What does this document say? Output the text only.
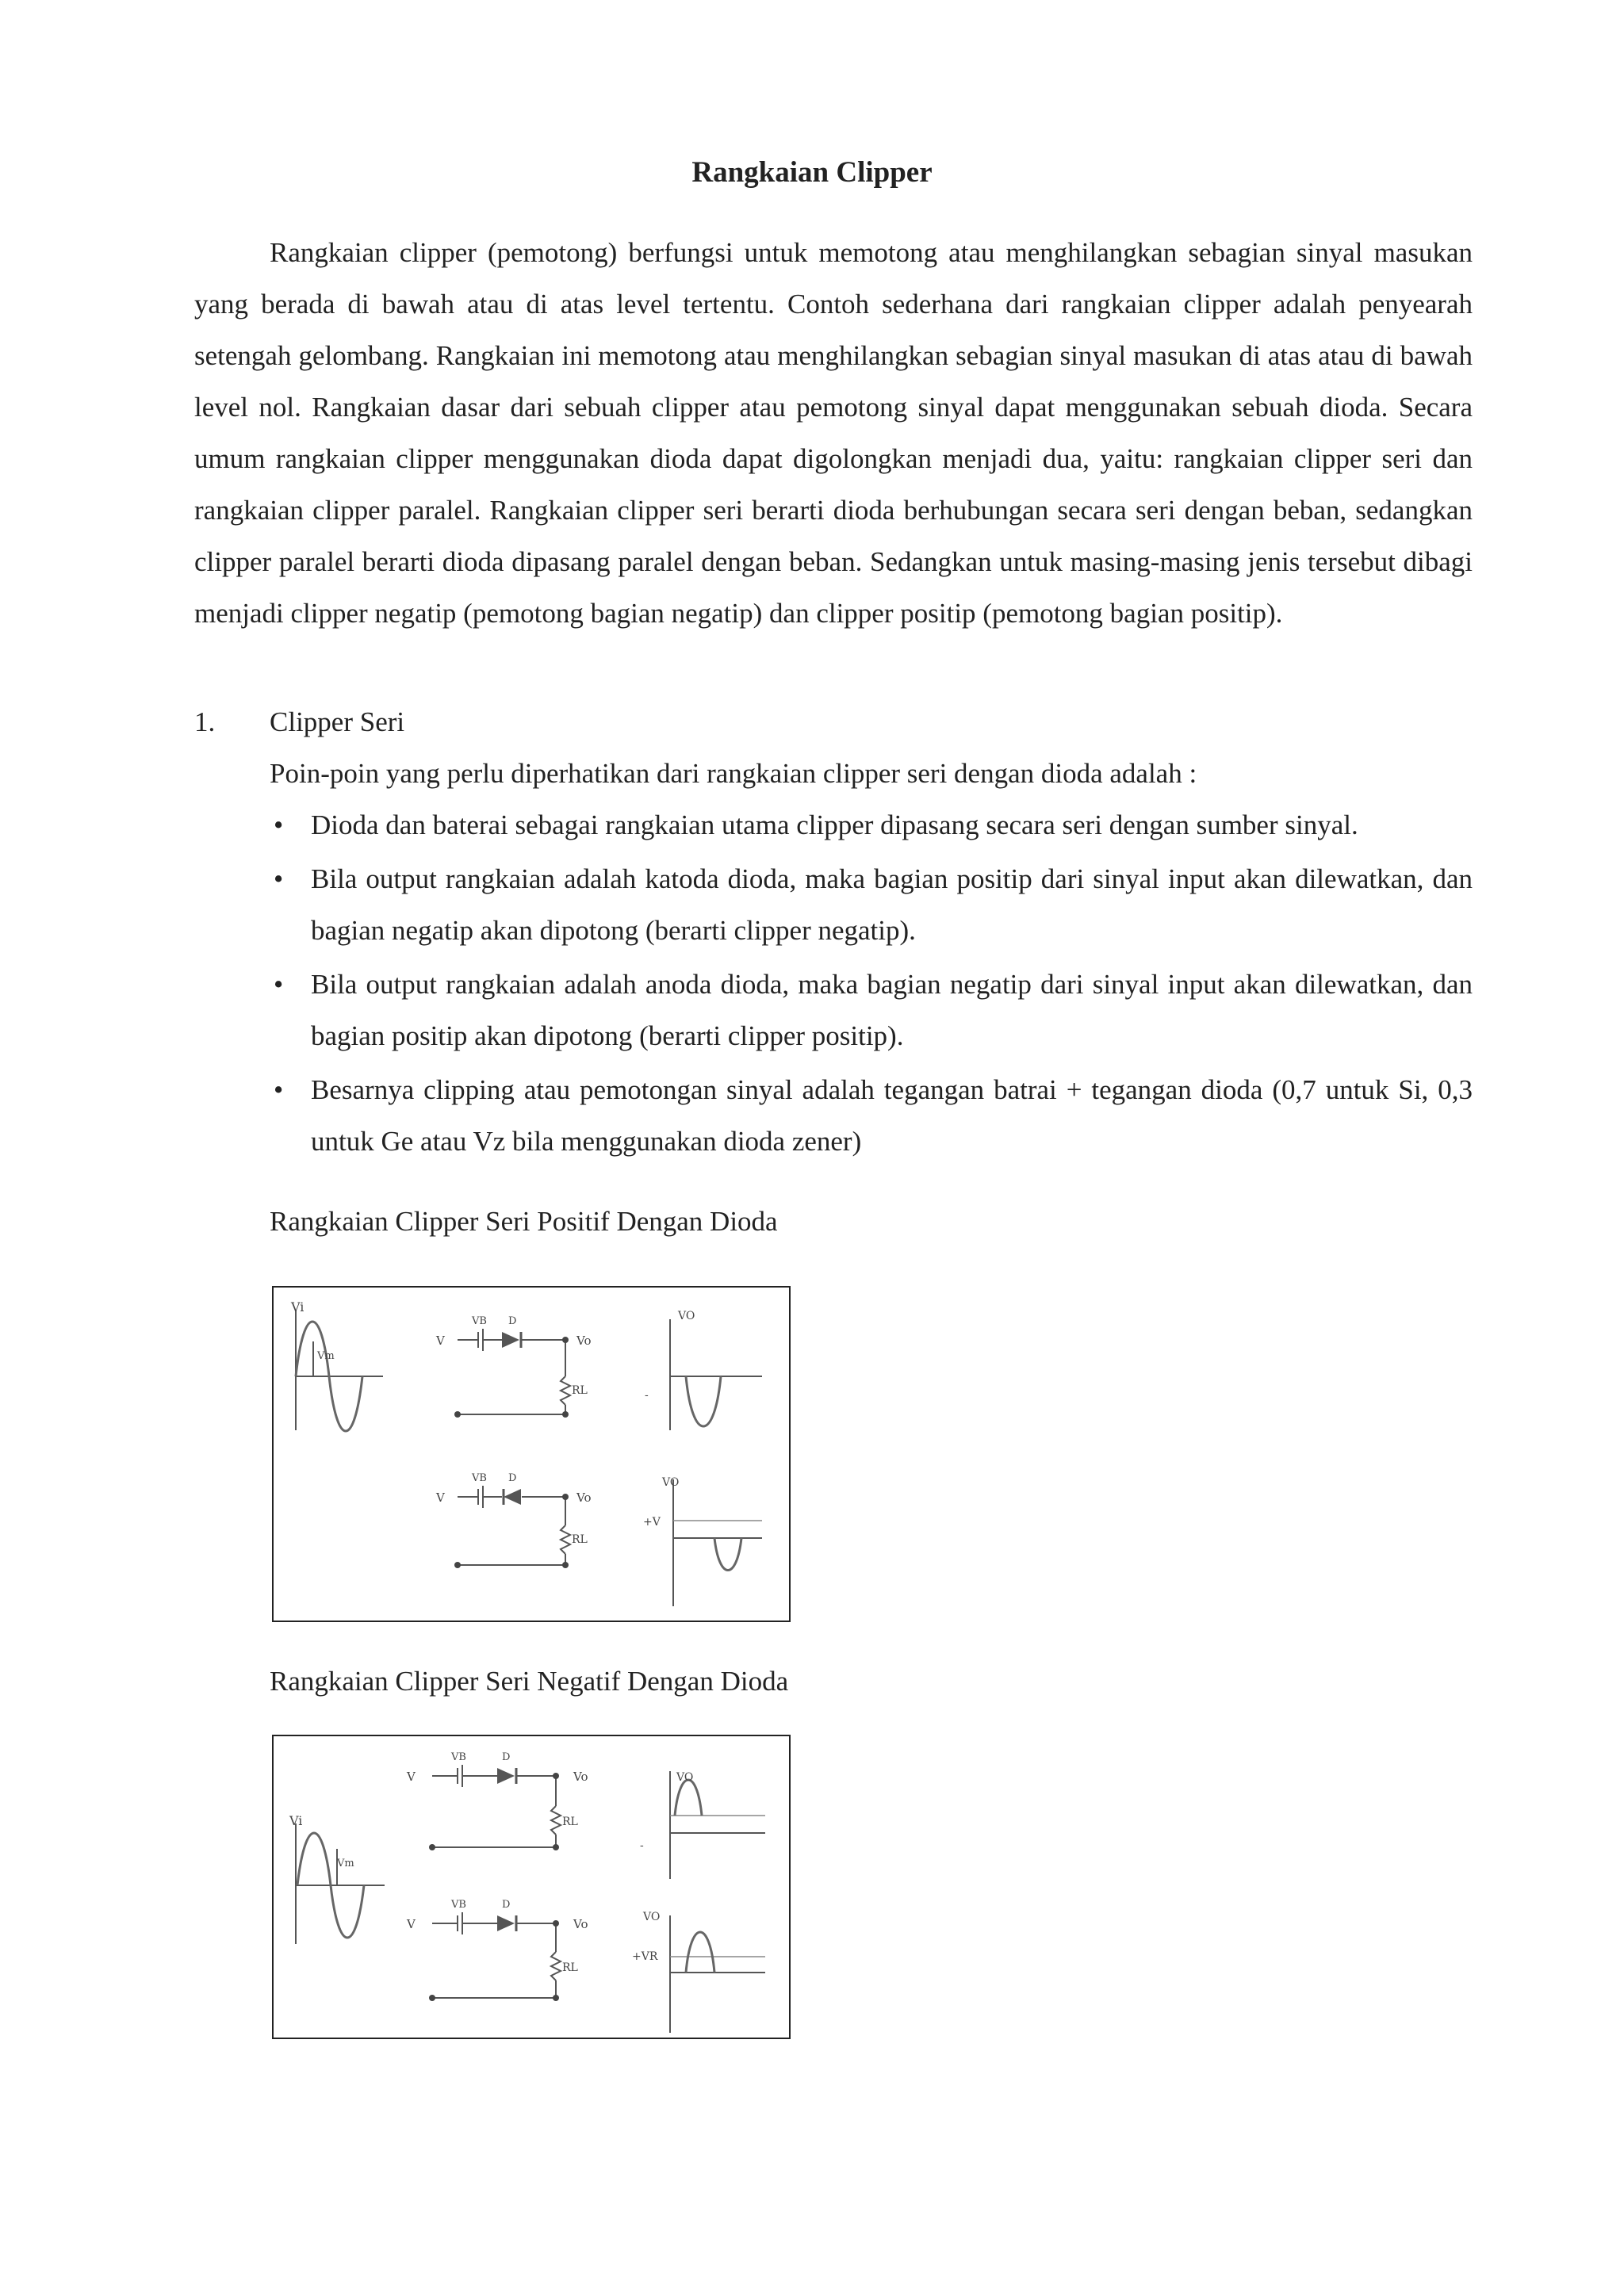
Rangkaian Clipper

Rangkaian clipper (pemotong) berfungsi untuk memotong atau menghilangkan sebagian sinyal masukan yang berada di bawah atau di atas level tertentu. Contoh sederhana dari rangkaian clipper adalah penyearah setengah gelombang. Rangkaian ini memotong atau menghilangkan sebagian sinyal masukan di atas atau di bawah level nol. Rangkaian dasar dari sebuah clipper atau pemotong sinyal dapat menggunakan sebuah dioda. Secara umum rangkaian clipper menggunakan dioda dapat digolongkan menjadi dua, yaitu: rangkaian clipper seri dan rangkaian clipper paralel. Rangkaian clipper seri berarti dioda berhubungan secara seri dengan beban, sedangkan clipper paralel berarti dioda dipasang paralel dengan beban. Sedangkan untuk masing-masing jenis tersebut dibagi menjadi clipper negatip (pemotong bagian negatip) dan clipper positip (pemotong bagian positip).

1. Clipper Seri
Poin-poin yang perlu diperhatikan dari rangkaian clipper seri dengan dioda adalah :
• Dioda dan baterai sebagai rangkaian utama clipper dipasang secara seri dengan sumber sinyal.
• Bila output rangkaian adalah katoda dioda, maka bagian positip dari sinyal input akan dilewatkan, dan bagian negatip akan dipotong (berarti clipper negatip).
• Bila output rangkaian adalah anoda dioda, maka bagian negatip dari sinyal input akan dilewatkan, dan bagian positip akan dipotong (berarti clipper positip).
• Besarnya clipping atau pemotongan sinyal adalah tegangan batrai + tegangan dioda (0,7 untuk Si, 0,3 untuk Ge atau Vz bila menggunakan dioda zener)
Rangkaian Clipper Seri Positif Dengan Dioda
Vi
Vm
V
VB D
Vo
RL
VO
-
V
VB D
Vo
RL
VO
+V
Rangkaian Clipper Seri Negatif Dengan Dioda
Vi
Vm
V
VB	D
Vo
RL
VO
-
V
VB	D
Vo
RL
VO
+VR
